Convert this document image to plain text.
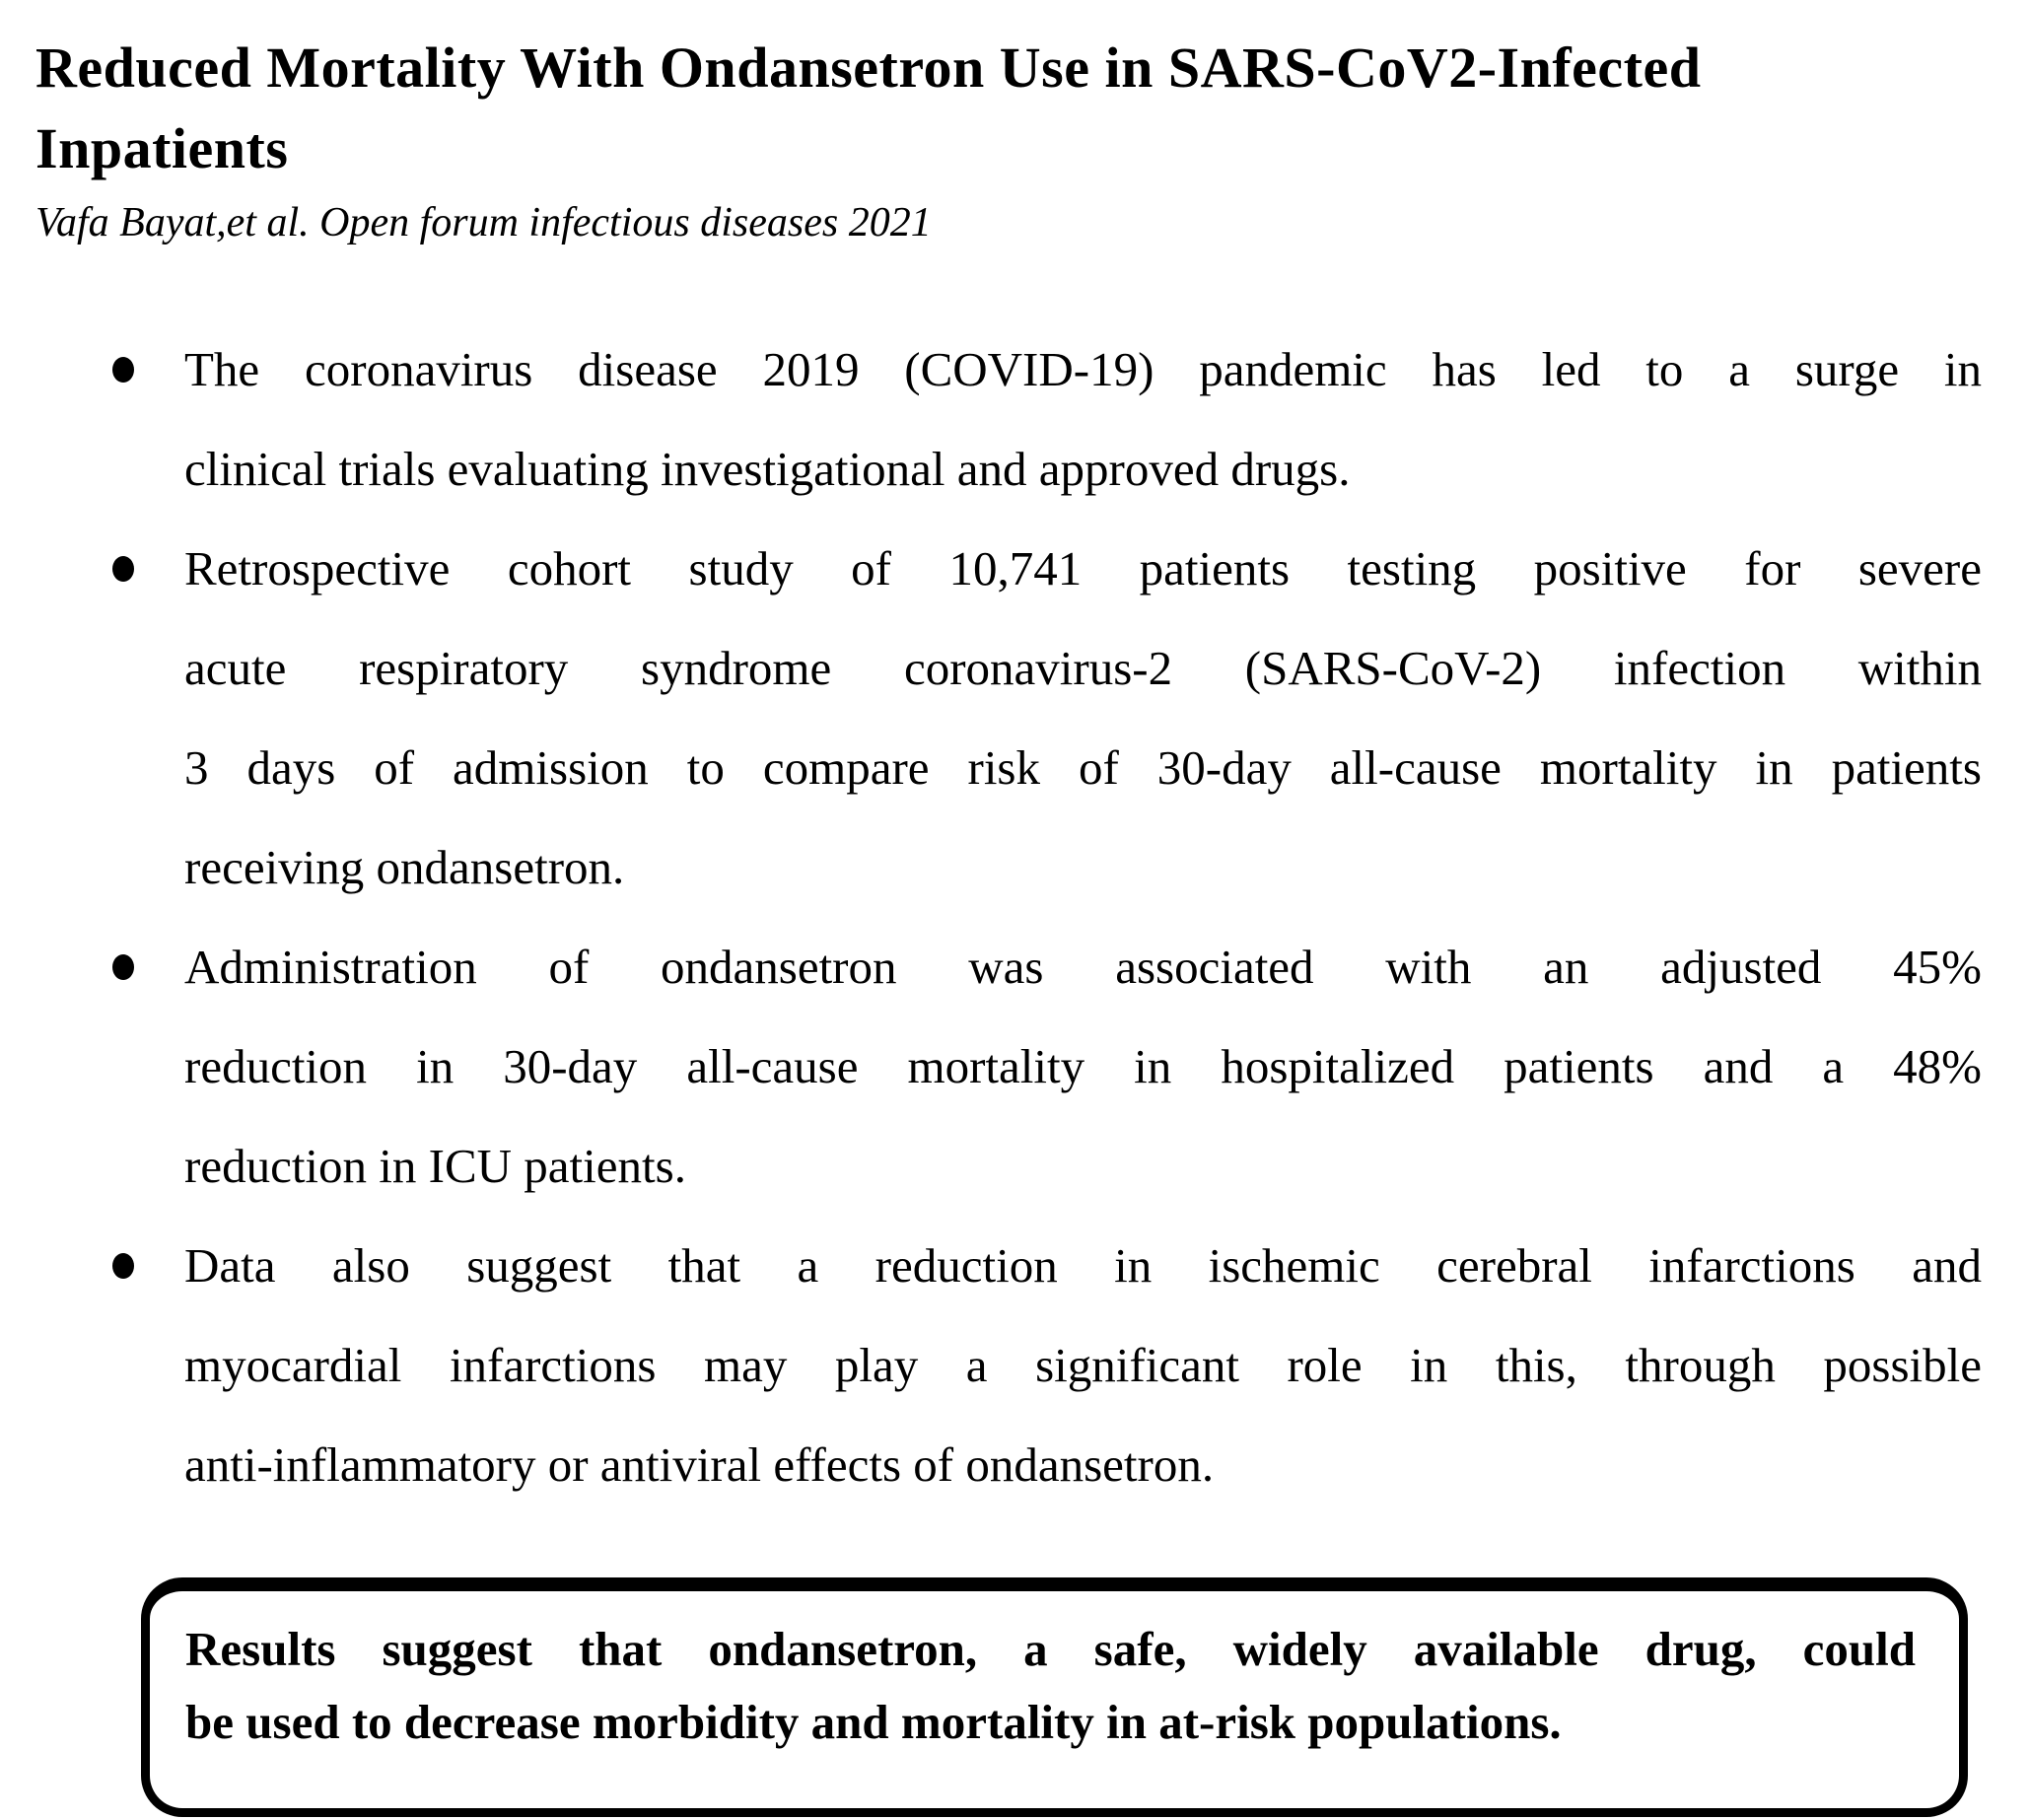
Reduced Mortality With Ondansetron Use in SARS-CoV2-Infected Inpatients
Vafa Bayat,et al. Open forum infectious diseases 2021
The coronavirus disease 2019 (COVID-19) pandemic has led to a surge in
clinical trials evaluating investigational and approved drugs.
Retrospective cohort study of 10,741 patients testing positive for severe
acute respiratory syndrome coronavirus-2 (SARS-CoV-2) infection within
3 days of admission to compare risk of 30-day all-cause mortality in patients
receiving ondansetron.
Administration of ondansetron was associated with an adjusted 45%
reduction in 30-day all-cause mortality in hospitalized patients and a 48%
reduction in ICU patients.
Data also suggest that a reduction in ischemic cerebral infarctions and
myocardial infarctions may play a significant role in this, through possible
anti-inflammatory or antiviral effects of ondansetron.
Results suggest that ondansetron, a safe, widely available drug, could
be used to decrease morbidity and mortality in at-risk populations.
